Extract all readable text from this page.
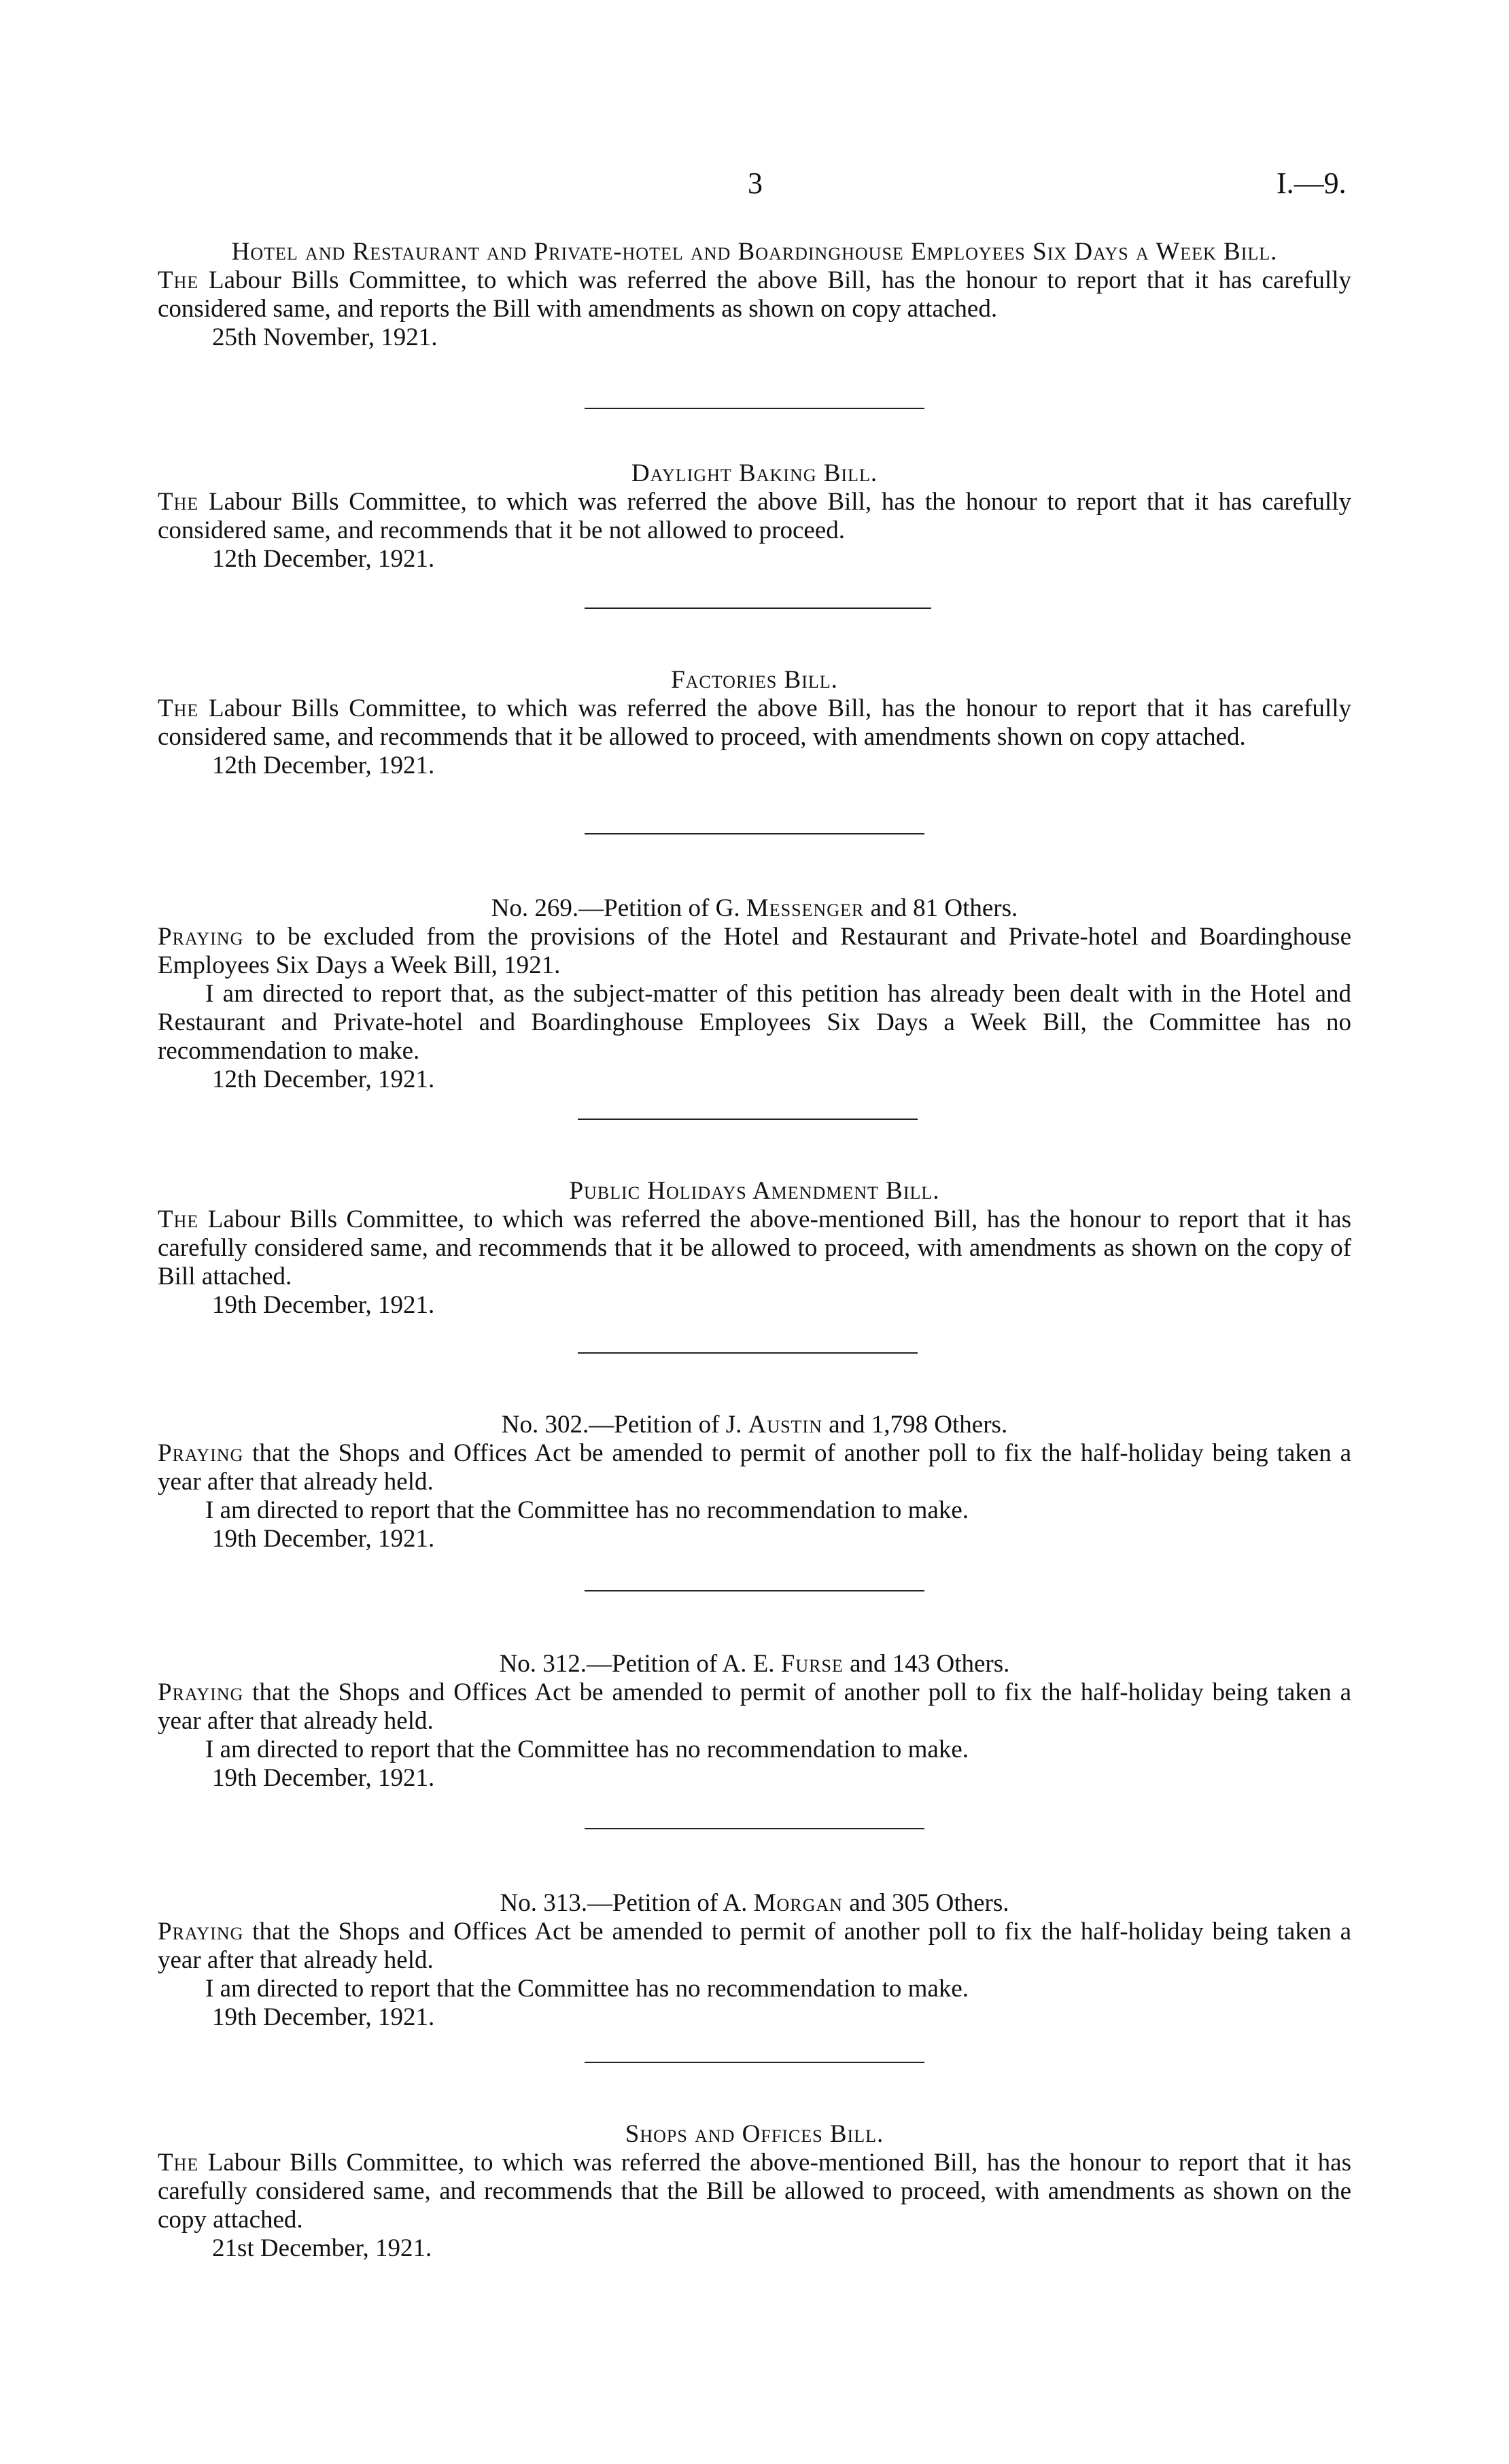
3	I.—9.

Hotel and Restaurant and Private-hotel and Boardinghouse Employees Six Days a Week Bill.

The Labour Bills Committee, to which was referred the above Bill, has the honour to report that it has carefully considered same, and reports the Bill with amendments as shown on copy attached.

25th November, 1921.

Daylight Baking Bill.

The Labour Bills Committee, to which was referred the above Bill, has the honour to report that it has carefully considered same, and recommends that it be not allowed to proceed.

12th December, 1921.

Factories Bill.

The Labour Bills Committee, to which was referred the above Bill, has the honour to report that it has carefully considered same, and recommends that it be allowed to proceed, with amendments shown on copy attached.

12th December, 1921.

No. 269.—Petition of G. Messenger and 81 Others.

Praying to be excluded from the provisions of the Hotel and Restaurant and Private-hotel and Boardinghouse Employees Six Days a Week Bill, 1921.

I am directed to report that, as the subject-matter of this petition has already been dealt with in the Hotel and Restaurant and Private-hotel and Boardinghouse Employees Six Days a Week Bill, the Committee has no recommendation to make.

12th December, 1921.

Public Holidays Amendment Bill.

The Labour Bills Committee, to which was referred the above-mentioned Bill, has the honour to report that it has carefully considered same, and recommends that it be allowed to proceed, with amendments as shown on the copy of Bill attached.

19th December, 1921.

No. 302.—Petition of J. Austin and 1,798 Others.

Praying that the Shops and Offices Act be amended to permit of another poll to fix the half-holiday being taken a year after that already held.

I am directed to report that the Committee has no recommendation to make.

19th December, 1921.

No. 312.—Petition of A. E. Furse and 143 Others.

Praying that the Shops and Offices Act be amended to permit of another poll to fix the half-holiday being taken a year after that already held.

I am directed to report that the Committee has no recommendation to make.

19th December, 1921.

No. 313.—Petition of A. Morgan and 305 Others.

Praying that the Shops and Offices Act be amended to permit of another poll to fix the half-holiday being taken a year after that already held.

I am directed to report that the Committee has no recommendation to make.

19th December, 1921.

Shops and Offices Bill.

The Labour Bills Committee, to which was referred the above-mentioned Bill, has the honour to report that it has carefully considered same, and recommends that the Bill be allowed to proceed, with amendments as shown on the copy attached.

21st December, 1921.
